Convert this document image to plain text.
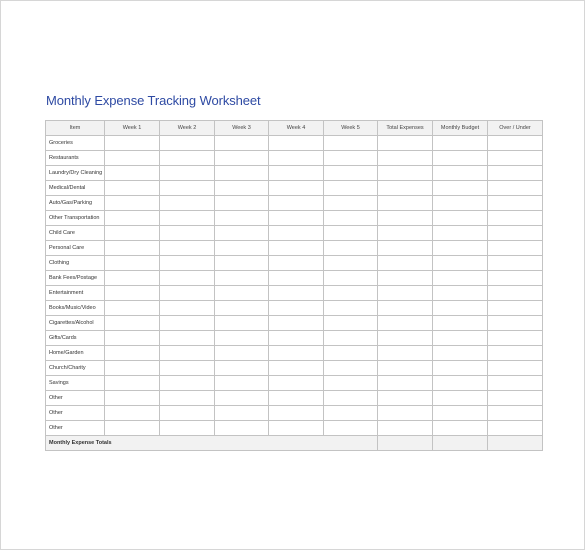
Monthly Expense Tracking Worksheet
Item	Week 1	Week 2	Week 3	Week 4	Week 5	Total Expenses	Monthly Budget	Over / Under
Groceries								
Restaurants								
Laundry/Dry Cleaning								
Medical/Dental								
Auto/Gas/Parking								
Other Transportation								
Child Care								
Personal Care								
Clothing								
Bank Fees/Postage								
Entertainment								
Books/Music/Video								
Cigarettes/Alcohol								
Gifts/Cards								
Home/Garden								
Church/Charity								
Savings								
Other								
Other								
Other								
Monthly Expense Totals								
